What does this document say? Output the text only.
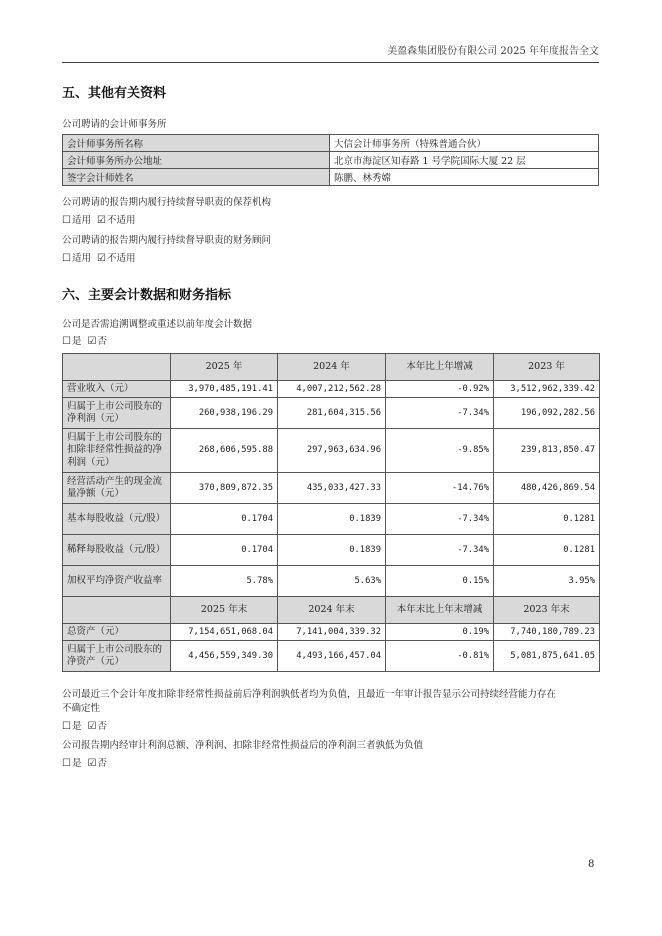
美盈森集团股份有限公司 2025 年年度报告全文
五、其他有关资料
公司聘请的会计师事务所
会计师事务所名称	大信会计师事务所（特殊普通合伙）
会计师事务所办公地址	北京市海淀区知春路 1 号学院国际大厦 22 层
签字会计师姓名	陈鹏、林秀嫦
公司聘请的报告期内履行持续督导职责的保荐机构
☐适用 ☑不适用
公司聘请的报告期内履行持续督导职责的财务顾问
☐适用 ☑不适用
六、主要会计数据和财务指标
公司是否需追溯调整或重述以前年度会计数据
☐是 ☑否
	2025 年	2024 年	本年比上年增减	2023 年
营业收入（元）	3,970,485,191.41	4,007,212,562.28	-0.92%	3,512,962,339.42
归属于上市公司股东的净利润（元）	260,938,196.29	281,604,315.56	-7.34%	196,092,282.56
归属于上市公司股东的扣除非经常性损益的净利润（元）	268,606,595.88	297,963,634.96	-9.85%	239,813,850.47
经营活动产生的现金流量净额（元）	370,809,872.35	435,033,427.33	-14.76%	480,426,869.54
基本每股收益（元/股）	0.1704	0.1839	-7.34%	0.1281
稀释每股收益（元/股）	0.1704	0.1839	-7.34%	0.1281
加权平均净资产收益率	5.78%	5.63%	0.15%	3.95%
	2025 年末	2024 年末	本年末比上年末增减	2023 年末
总资产（元）	7,154,651,068.04	7,141,004,339.32	0.19%	7,740,180,789.23
归属于上市公司股东的净资产（元）	4,456,559,349.30	4,493,166,457.04	-0.81%	5,081,875,641.05
公司最近三个会计年度扣除非经常性损益前后净利润孰低者均为负值，且最近一年审计报告显示公司持续经营能力存在
不确定性
☐是 ☑否
公司报告期内经审计利润总额、净利润、扣除非经常性损益后的净利润三者孰低为负值
☐是 ☑否
8
